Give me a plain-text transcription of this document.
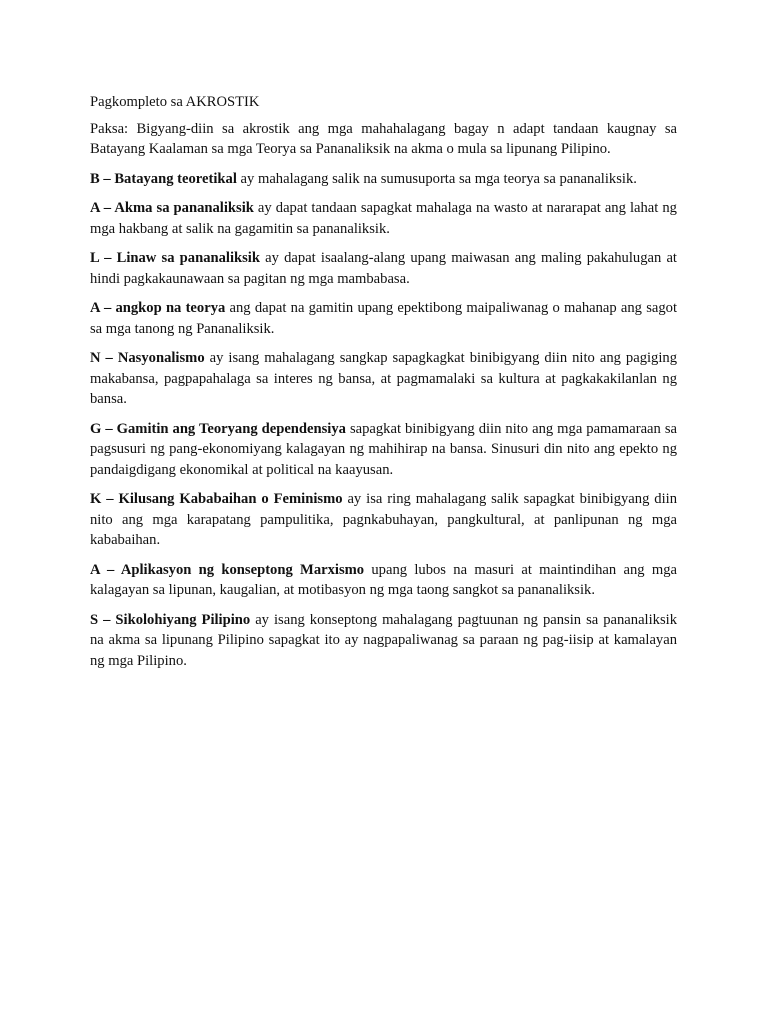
Pagkompleto sa AKROSTIK

Paksa: Bigyang-diin sa akrostik ang mga mahahalagang bagay n adapt tandaan kaugnay sa Batayang Kaalaman sa mga Teorya sa Pananaliksik na akma o mula sa lipunang Pilipino.

B – Batayang teoretikal ay mahalagang salik na sumusuporta sa mga teorya sa pananaliksik.

A – Akma sa pananaliksik ay dapat tandaan sapagkat mahalaga na wasto at nararapat ang lahat ng mga hakbang at salik na gagamitin sa pananaliksik.

L – Linaw sa pananaliksik ay dapat isaalang-alang upang maiwasan ang maling pakahulugan at hindi pagkakaunawaan sa pagitan ng mga mambabasa.

A – angkop na teorya ang dapat na gamitin upang epektibong maipaliwanag o mahanap ang sagot sa mga tanong ng Pananaliksik.

N – Nasyonalismo ay isang mahalagang sangkap sapagkagkat binibigyang diin nito ang pagiging makabansa, pagpapahalaga sa interes ng bansa, at pagmamalaki sa kultura at pagkakakilanlan ng bansa.

G – Gamitin ang Teoryang dependensiya sapagkat binibigyang diin nito ang mga pamamaraan sa pagsusuri ng pang-ekonomiyang kalagayan ng mahihirap na bansa. Sinusuri din nito ang epekto ng pandaigdigang ekonomikal at political na kaayusan.

K – Kilusang Kababaihan o Feminismo ay isa ring mahalagang salik sapagkat binibigyang diin nito ang mga karapatang pampulitika, pagnkabuhayan, pangkultural, at panlipunan ng mga kababaihan.

A – Aplikasyon ng konseptong Marxismo upang lubos na masuri at maintindihan ang mga kalagayan sa lipunan, kaugalian, at motibasyon ng mga taong sangkot sa pananaliksik.

S – Sikolohiyang Pilipino ay isang konseptong mahalagang pagtuunan ng pansin sa pananaliksik na akma sa lipunang Pilipino sapagkat ito ay nagpapaliwanag sa paraan ng pag-iisip at kamalayan ng mga Pilipino.
